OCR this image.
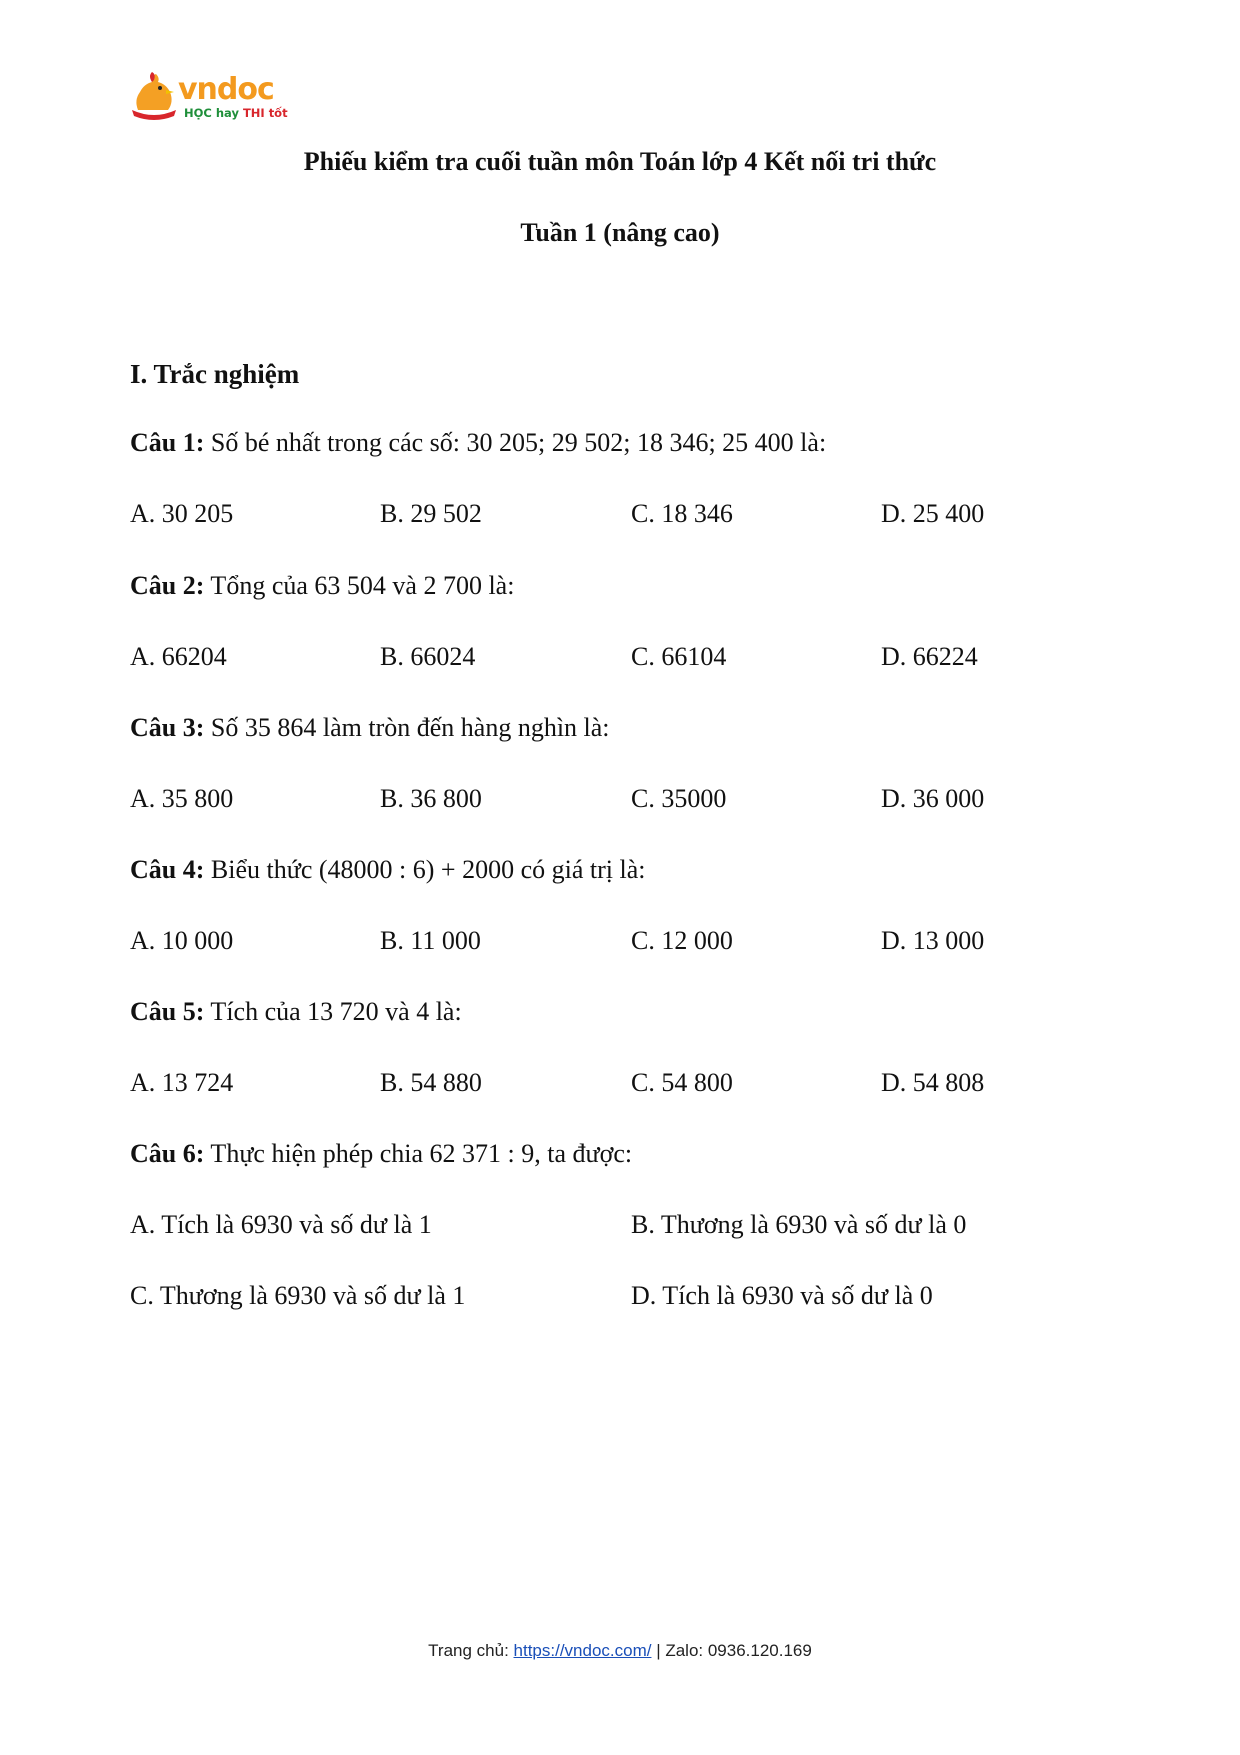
vndoc
HỌC hay THI tốt
Phiếu kiểm tra cuối tuần môn Toán lớp 4 Kết nối tri thức
Tuần 1 (nâng cao)
I. Trắc nghiệm
Câu 1: Số bé nhất trong các số: 30 205; 29 502; 18 346; 25 400 là:
A. 30 205	B. 29 502	C. 18 346	D. 25 400
Câu 2: Tổng của 63 504 và 2 700 là:
A. 66204	B. 66024	C. 66104	D. 66224
Câu 3: Số 35 864 làm tròn đến hàng nghìn là:
A. 35 800	B. 36 800	C. 35000	D. 36 000
Câu 4: Biểu thức (48000 : 6) + 2000 có giá trị là:
A. 10 000	B. 11 000	C. 12 000	D. 13 000
Câu 5: Tích của 13 720 và 4 là:
A. 13 724	B. 54 880	C. 54 800	D. 54 808
Câu 6: Thực hiện phép chia 62 371 : 9, ta được:
A. Tích là 6930 và số dư là 1	B. Thương là 6930 và số dư là 0
C. Thương là 6930 và số dư là 1	D. Tích là 6930 và số dư là 0
Trang chủ: https://vndoc.com/ | Zalo: 0936.120.169
